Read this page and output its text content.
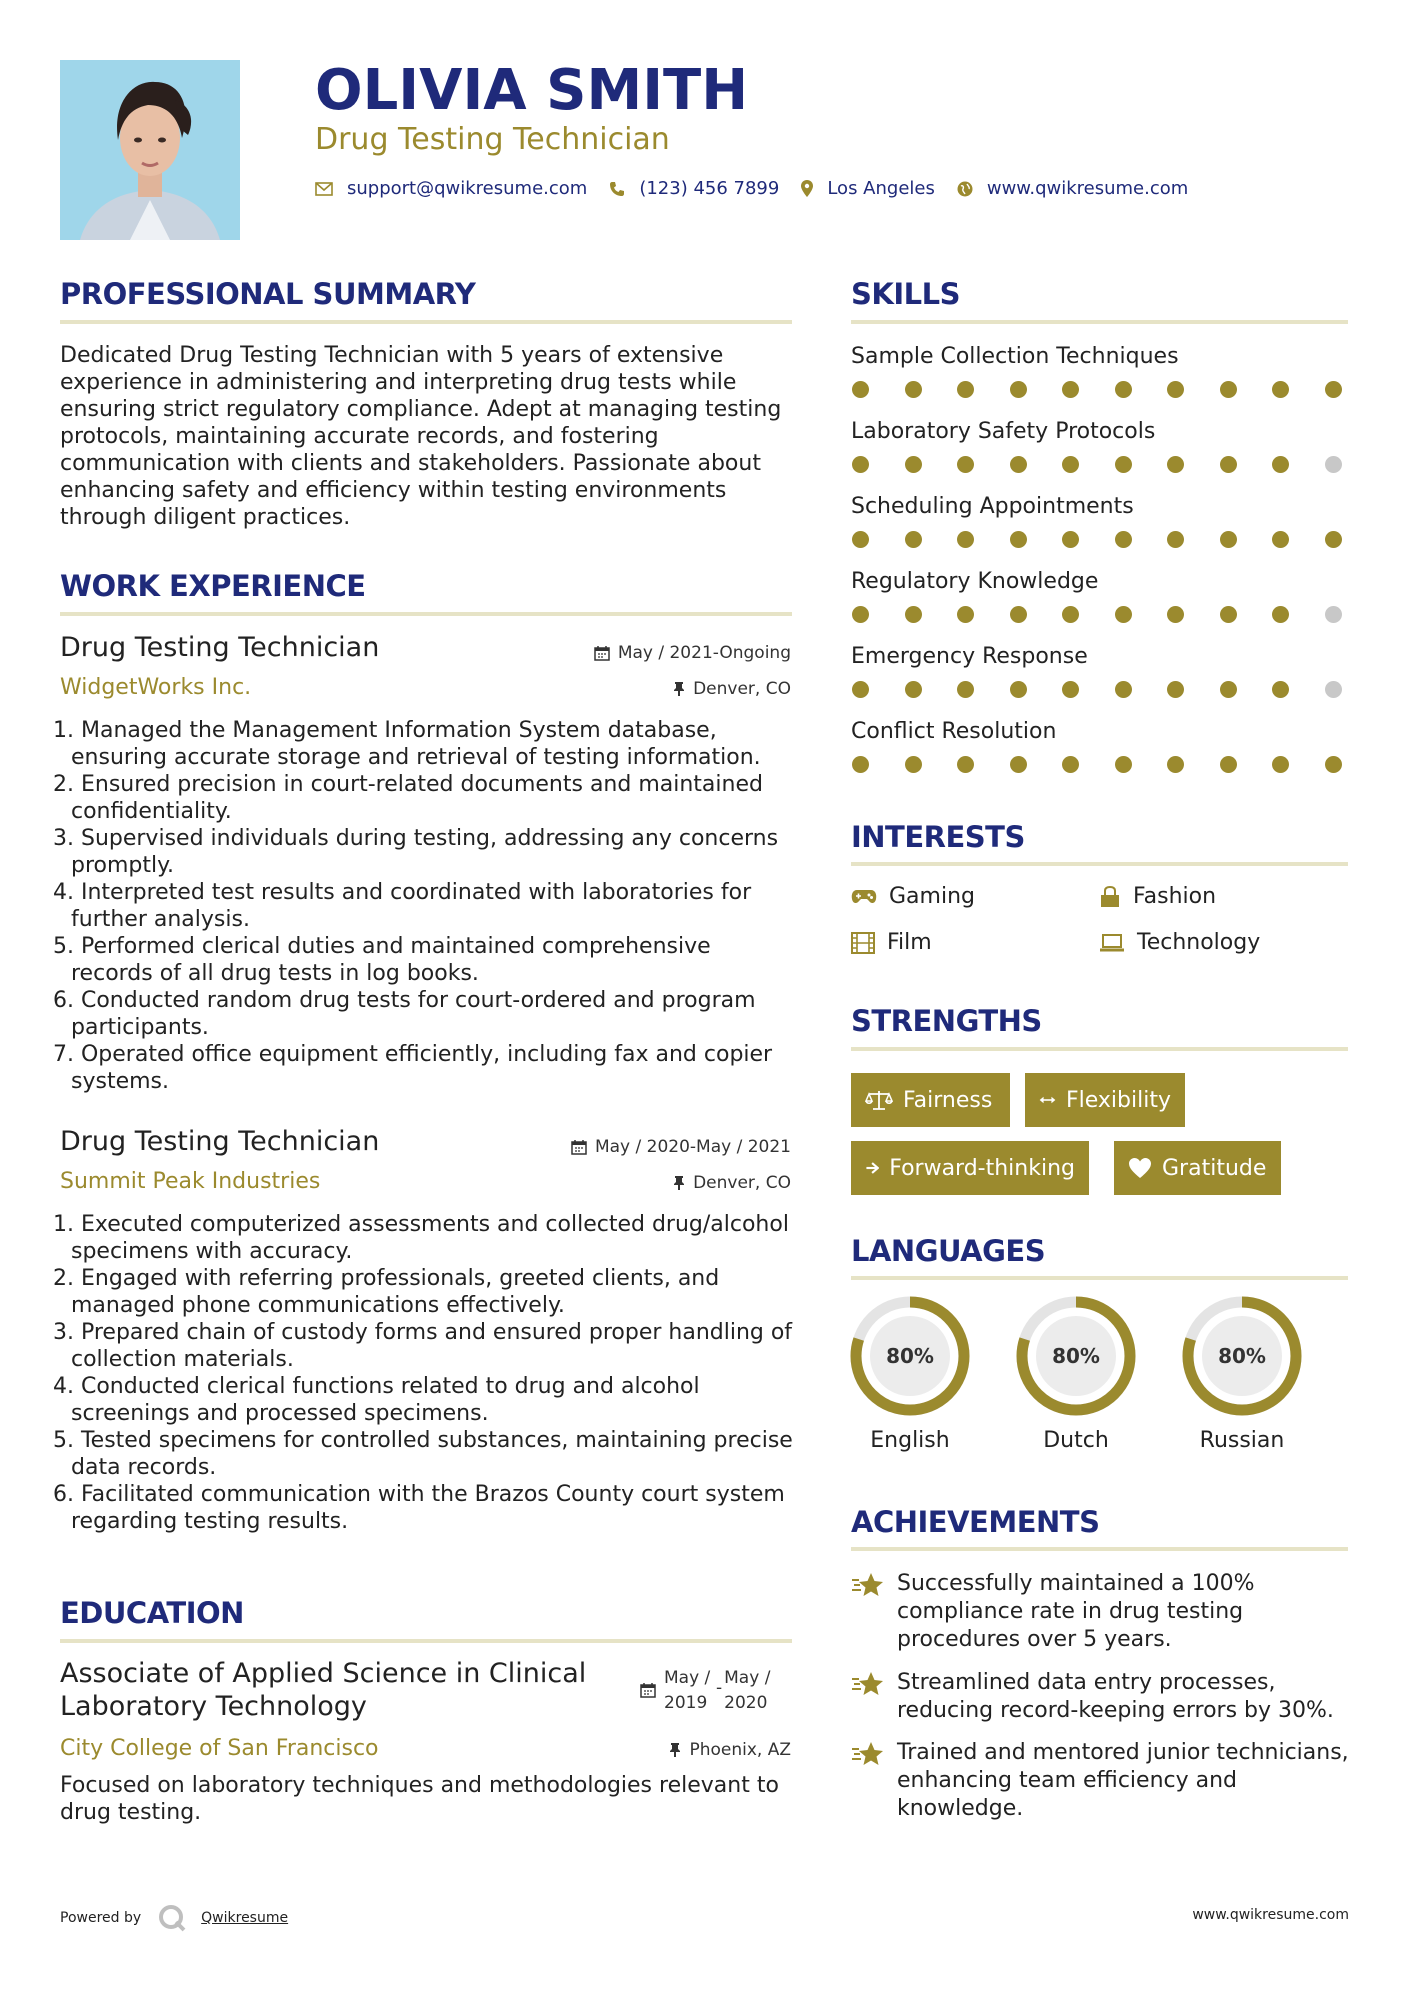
OLIVIA SMITH
Drug Testing Technician
support@qwikresume.com	(123) 456 7899	Los Angeles	www.qwikresume.com
PROFESSIONAL SUMMARY
Dedicated Drug Testing Technician with 5 years of extensive experience in administering and interpreting drug tests while ensuring strict regulatory compliance. Adept at managing testing protocols, maintaining accurate records, and fostering communication with clients and stakeholders. Passionate about enhancing safety and efficiency within testing environments through diligent practices.
WORK EXPERIENCE
Drug Testing Technician	May / 2021-Ongoing
WidgetWorks Inc.	Denver, CO
1. Managed the Management Information System database, ensuring accurate storage and retrieval of testing information.
2. Ensured precision in court-related documents and maintained confidentiality.
3. Supervised individuals during testing, addressing any concerns promptly.
4. Interpreted test results and coordinated with laboratories for further analysis.
5. Performed clerical duties and maintained comprehensive records of all drug tests in log books.
6. Conducted random drug tests for court-ordered and program participants.
7. Operated office equipment efficiently, including fax and copier systems.
Drug Testing Technician	May / 2020-May / 2021
Summit Peak Industries	Denver, CO
1. Executed computerized assessments and collected drug/alcohol specimens with accuracy.
2. Engaged with referring professionals, greeted clients, and managed phone communications effectively.
3. Prepared chain of custody forms and ensured proper handling of collection materials.
4. Conducted clerical functions related to drug and alcohol screenings and processed specimens.
5. Tested specimens for controlled substances, maintaining precise data records.
6. Facilitated communication with the Brazos County court system regarding testing results.
EDUCATION
Associate of Applied Science in Clinical Laboratory Technology
May / 2019
- May / 2020
City College of San Francisco	Phoenix, AZ
Focused on laboratory techniques and methodologies relevant to drug testing.
SKILLS
Sample Collection Techniques
Laboratory Safety Protocols
Scheduling Appointments
Regulatory Knowledge
Emergency Response
Conflict Resolution
INTERESTS
Gaming	Fashion
Film	Technology
STRENGTHS
Fairness	Flexibility
Forward-thinking	Gratitude
LANGUAGES
80%
English
80%
Dutch
80%
Russian
ACHIEVEMENTS
Successfully maintained a 100% compliance rate in drug testing procedures over 5 years.
Streamlined data entry processes, reducing record-keeping errors by 30%.
Trained and mentored junior technicians, enhancing team efficiency and knowledge.
Powered by	Qwikresume	www.qwikresume.com
